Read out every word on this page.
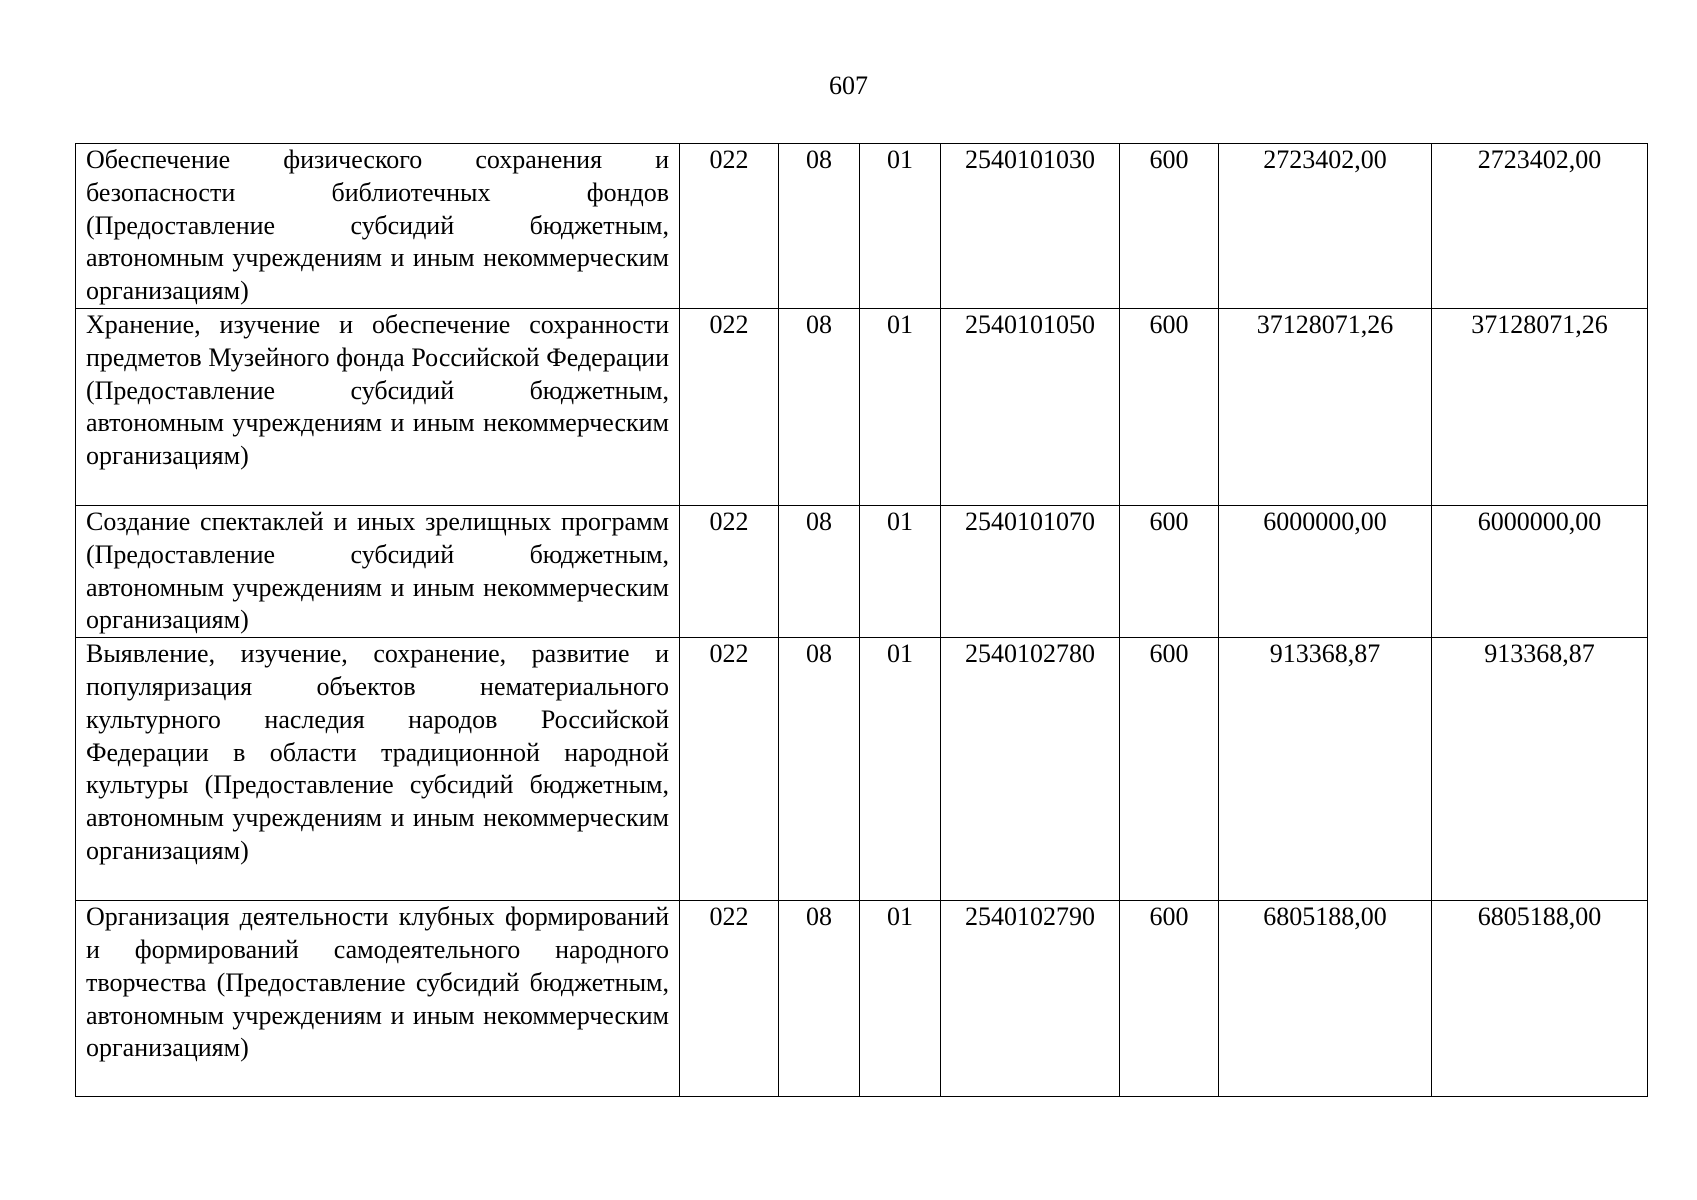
607
Обеспечение физического сохранения и безопасности библиотечных фондов (Предоставление субсидий бюджетным, автономным учреждениям и иным некоммерческим организациям)	022	08	01	2540101030	600	2723402,00	2723402,00
Хранение, изучение и обеспечение сохранности предметов Музейного фонда Российской Федерации (Предоставление субсидий бюджетным, автономным учреждениям и иным некоммерческим организациям)	022	08	01	2540101050	600	37128071,26	37128071,26
Создание спектаклей и иных зрелищных программ (Предоставление субсидий бюджетным, автономным учреждениям и иным некоммерческим организациям)	022	08	01	2540101070	600	6000000,00	6000000,00
Выявление, изучение, сохранение, развитие и популяризация объектов нематериального культурного наследия народов Российской Федерации в области традиционной народной культуры (Предоставление субсидий бюджетным, автономным учреждениям и иным некоммерческим организациям)	022	08	01	2540102780	600	913368,87	913368,87
Организация деятельности клубных формирований и формирований самодеятельного народного творчества (Предоставление субсидий бюджетным, автономным учреждениям и иным некоммерческим организациям)	022	08	01	2540102790	600	6805188,00	6805188,00
